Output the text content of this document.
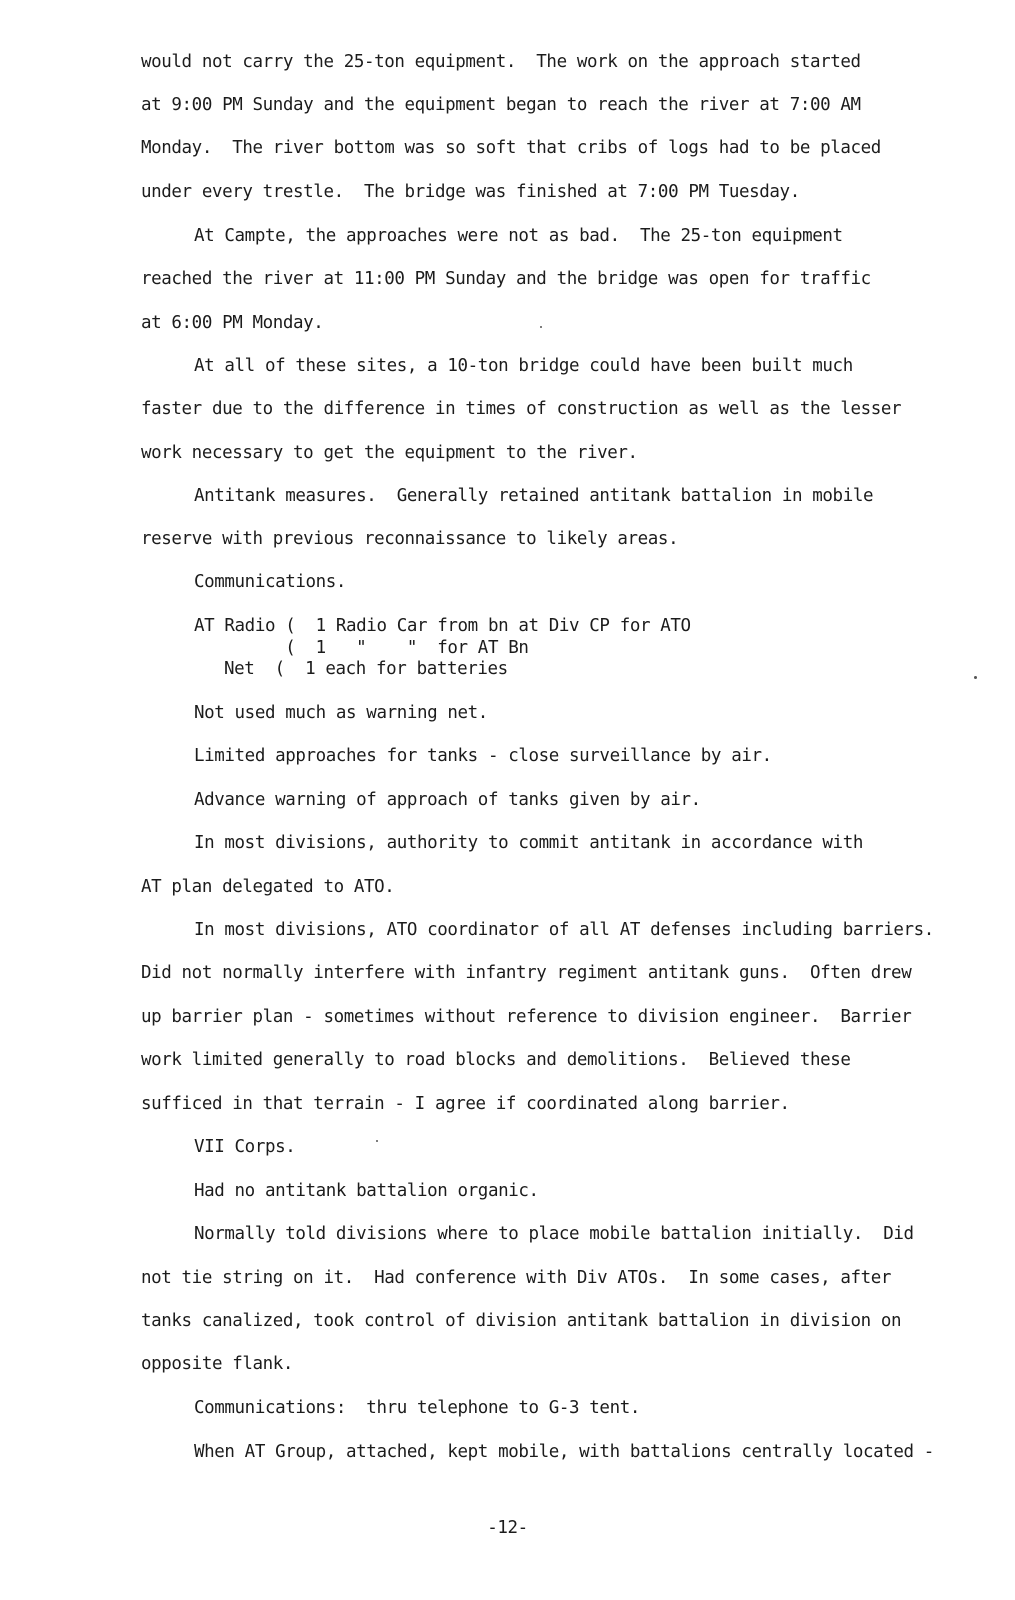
would not carry the 25-ton equipment.  The work on the approach started
at 9:00 PM Sunday and the equipment began to reach the river at 7:00 AM
Monday.  The river bottom was so soft that cribs of logs had to be placed
under every trestle.  The bridge was finished at 7:00 PM Tuesday.
At Campte, the approaches were not as bad.  The 25-ton equipment
reached the river at 11:00 PM Sunday and the bridge was open for traffic
at 6:00 PM Monday.
At all of these sites, a 10-ton bridge could have been built much
faster due to the difference in times of construction as well as the lesser
work necessary to get the equipment to the river.
Antitank measures.  Generally retained antitank battalion in mobile
reserve with previous reconnaissance to likely areas.
Communications.
AT Radio (  1 Radio Car from bn at Div CP for ATO
(  1   "    "  for AT Bn
Net  (  1 each for batteries
Not used much as warning net.
Limited approaches for tanks - close surveillance by air.
Advance warning of approach of tanks given by air.
In most divisions, authority to commit antitank in accordance with
AT plan delegated to ATO.
In most divisions, ATO coordinator of all AT defenses including barriers.
Did not normally interfere with infantry regiment antitank guns.  Often drew
up barrier plan - sometimes without reference to division engineer.  Barrier
work limited generally to road blocks and demolitions.  Believed these
sufficed in that terrain - I agree if coordinated along barrier.
VII Corps.
Had no antitank battalion organic.
Normally told divisions where to place mobile battalion initially.  Did
not tie string on it.  Had conference with Div ATOs.  In some cases, after
tanks canalized, took control of division antitank battalion in division on
opposite flank.
Communications:  thru telephone to G-3 tent.
When AT Group, attached, kept mobile, with battalions centrally located -
-12-
